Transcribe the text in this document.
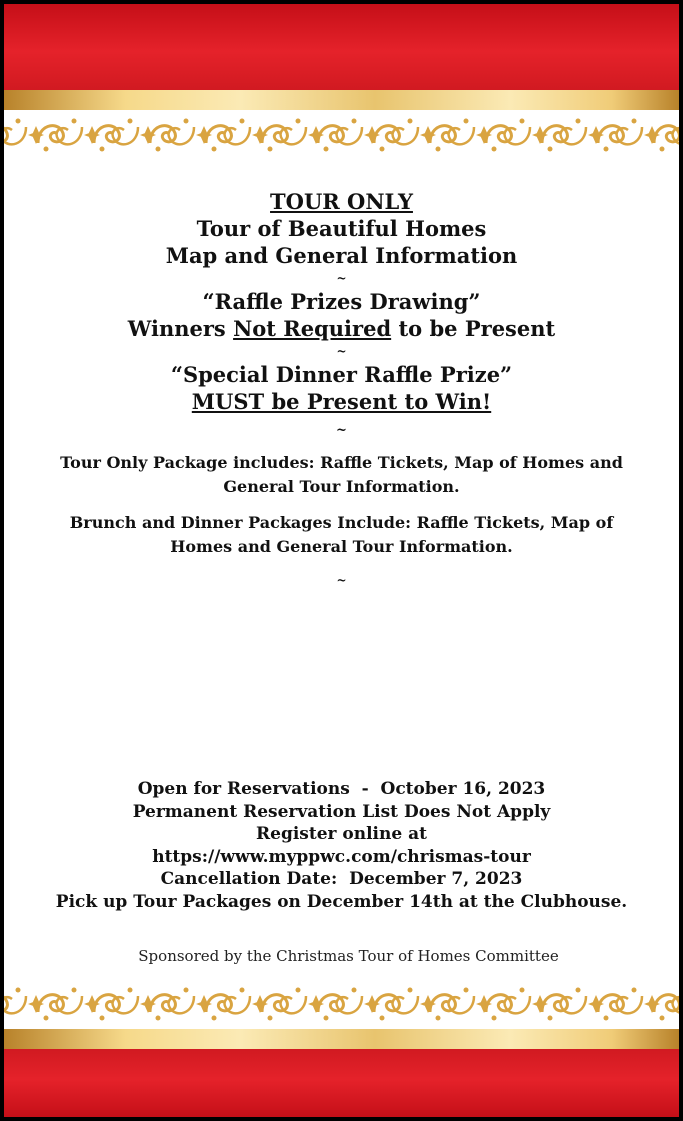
TOUR ONLY

Tour of Beautiful Homes

Map and General Information

~

“Raffle Prizes Drawing”

Winners Not Required to be Present

~

“Special Dinner Raffle Prize”

MUST be Present to Win!

~

Tour Only Package includes: Raffle Tickets, Map of Homes and General Tour Information.

Brunch and Dinner Packages Include: Raffle Tickets, Map of Homes and General Tour Information.

~

Open for Reservations  -  October 16, 2023

Permanent Reservation List Does Not Apply

Register online at

https://www.myppwc.com/chrismas-tour

Cancellation Date:  December 7, 2023

Pick up Tour Packages on December 14th at the Clubhouse.

Sponsored by the Christmas Tour of Homes Committee
